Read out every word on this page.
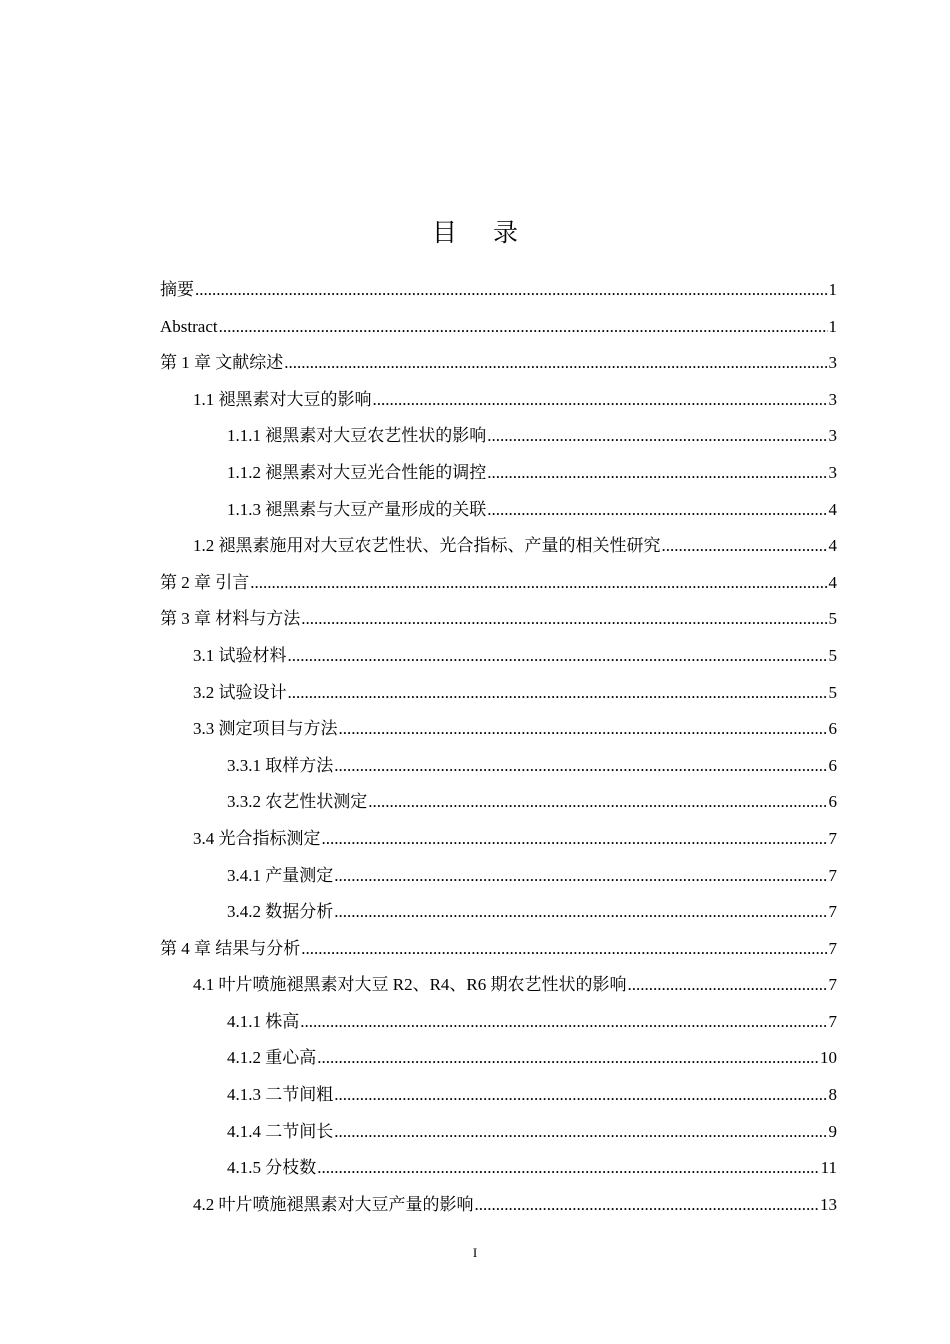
目 录
摘要 .....	1
Abstract .....	1
第 1 章 文献综述 .....	3
1.1 褪黑素对大豆的影响 .....	3
1.1.1 褪黑素对大豆农艺性状的影响 .....	3
1.1.2 褪黑素对大豆光合性能的调控 .....	3
1.1.3 褪黑素与大豆产量形成的关联 .....	4
1.2 褪黑素施用对大豆农艺性状、光合指标、产量的相关性研究 .....	4
第 2 章 引言 .....	4
第 3 章 材料与方法 .....	5
3.1 试验材料 .....	5
3.2 试验设计 .....	5
3.3 测定项目与方法 .....	6
3.3.1 取样方法 .....	6
3.3.2 农艺性状测定 .....	6
3.4 光合指标测定 .....	7
3.4.1 产量测定 .....	7
3.4.2 数据分析 .....	7
第 4 章 结果与分析 .....	7
4.1 叶片喷施褪黑素对大豆 R2、R4、R6 期农艺性状的影响 .....	7
4.1.1 株高 .....	7
4.1.2 重心高 .....	10
4.1.3 二节间粗 .....	8
4.1.4 二节间长 .....	9
4.1.5 分枝数 .....	11
4.2 叶片喷施褪黑素对大豆产量的影响 .....	13
I
